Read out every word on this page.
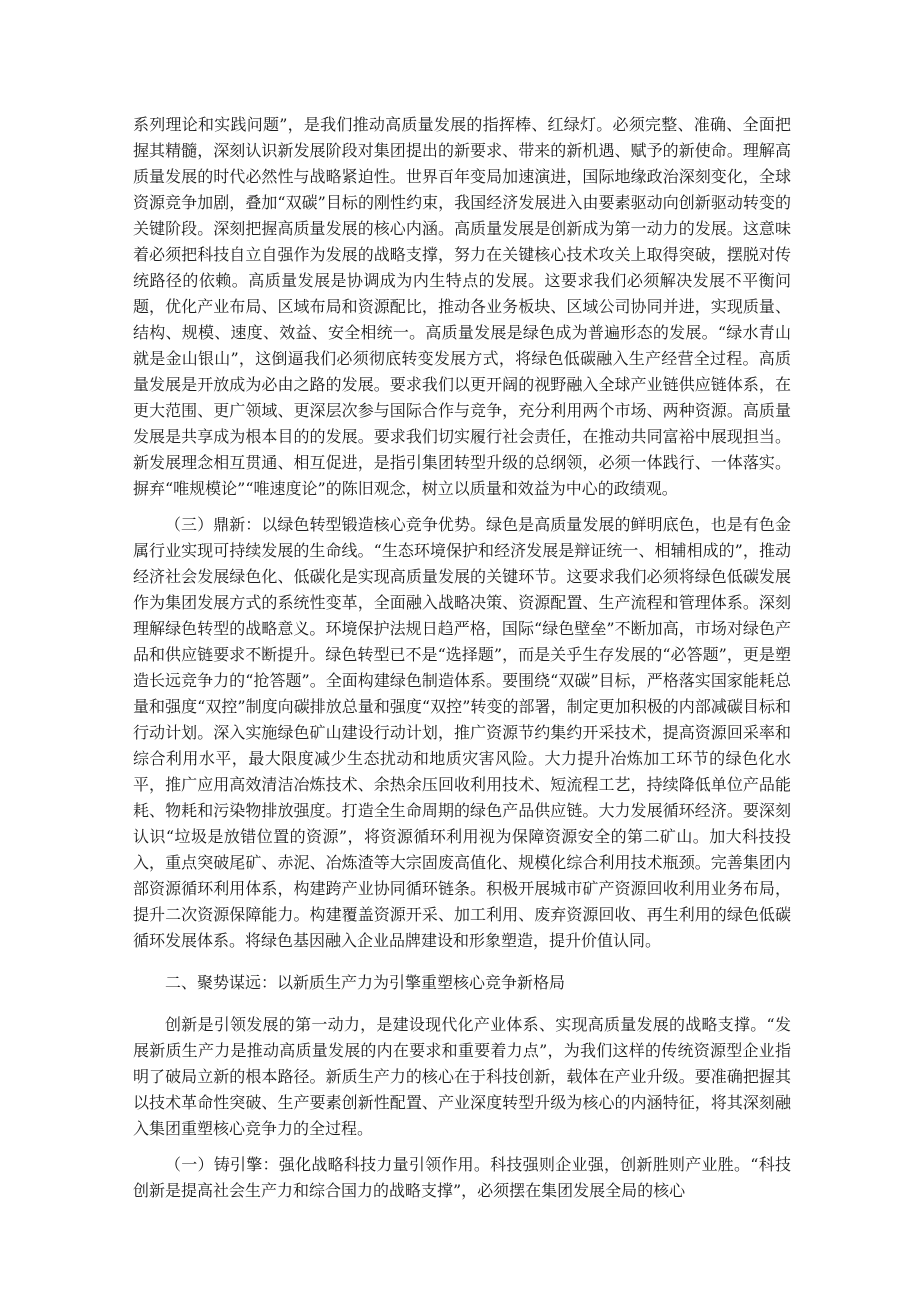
系列理论和实践问题”，是我们推动高质量发展的指挥棒、红绿灯。必须完整、准确、全面把握其精髓，深刻认识新发展阶段对集团提出的新要求、带来的新机遇、赋予的新使命。理解高质量发展的时代必然性与战略紧迫性。世界百年变局加速演进，国际地缘政治深刻变化，全球资源竞争加剧，叠加“双碳”目标的刚性约束，我国经济发展进入由要素驱动向创新驱动转变的关键阶段。深刻把握高质量发展的核心内涵。高质量发展是创新成为第一动力的发展。这意味着必须把科技自立自强作为发展的战略支撑，努力在关键核心技术攻关上取得突破，摆脱对传统路径的依赖。高质量发展是协调成为内生特点的发展。这要求我们必须解决发展不平衡问题，优化产业布局、区域布局和资源配比，推动各业务板块、区域公司协同并进，实现质量、结构、规模、速度、效益、安全相统一。高质量发展是绿色成为普遍形态的发展。“绿水青山就是金山银山”，这倒逼我们必须彻底转变发展方式，将绿色低碳融入生产经营全过程。高质量发展是开放成为必由之路的发展。要求我们以更开阔的视野融入全球产业链供应链体系，在更大范围、更广领域、更深层次参与国际合作与竞争，充分利用两个市场、两种资源。高质量发展是共享成为根本目的的发展。要求我们切实履行社会责任，在推动共同富裕中展现担当。新发展理念相互贯通、相互促进，是指引集团转型升级的总纲领，必须一体践行、一体落实。摒弃“唯规模论”“唯速度论”的陈旧观念，树立以质量和效益为中心的政绩观。

（三）鼎新：以绿色转型锻造核心竞争优势。绿色是高质量发展的鲜明底色，也是有色金属行业实现可持续发展的生命线。“生态环境保护和经济发展是辩证统一、相辅相成的”，推动经济社会发展绿色化、低碳化是实现高质量发展的关键环节。这要求我们必须将绿色低碳发展作为集团发展方式的系统性变革，全面融入战略决策、资源配置、生产流程和管理体系。深刻理解绿色转型的战略意义。环境保护法规日趋严格，国际“绿色壁垒”不断加高，市场对绿色产品和供应链要求不断提升。绿色转型已不是“选择题”，而是关乎生存发展的“必答题”，更是塑造长远竞争力的“抢答题”。全面构建绿色制造体系。要围绕“双碳”目标，严格落实国家能耗总量和强度“双控”制度向碳排放总量和强度“双控”转变的部署，制定更加积极的内部减碳目标和行动计划。深入实施绿色矿山建设行动计划，推广资源节约集约开采技术，提高资源回采率和综合利用水平，最大限度减少生态扰动和地质灾害风险。大力提升冶炼加工环节的绿色化水平，推广应用高效清洁冶炼技术、余热余压回收利用技术、短流程工艺，持续降低单位产品能耗、物耗和污染物排放强度。打造全生命周期的绿色产品供应链。大力发展循环经济。要深刻认识“垃圾是放错位置的资源”，将资源循环利用视为保障资源安全的第二矿山。加大科技投入，重点突破尾矿、赤泥、冶炼渣等大宗固废高值化、规模化综合利用技术瓶颈。完善集团内部资源循环利用体系，构建跨产业协同循环链条。积极开展城市矿产资源回收利用业务布局，提升二次资源保障能力。构建覆盖资源开采、加工利用、废弃资源回收、再生利用的绿色低碳循环发展体系。将绿色基因融入企业品牌建设和形象塑造，提升价值认同。

二、聚势谋远：以新质生产力为引擎重塑核心竞争新格局

创新是引领发展的第一动力，是建设现代化产业体系、实现高质量发展的战略支撑。“发展新质生产力是推动高质量发展的内在要求和重要着力点”，为我们这样的传统资源型企业指明了破局立新的根本路径。新质生产力的核心在于科技创新，载体在产业升级。要准确把握其以技术革命性突破、生产要素创新性配置、产业深度转型升级为核心的内涵特征，将其深刻融入集团重塑核心竞争力的全过程。

（一）铸引擎：强化战略科技力量引领作用。科技强则企业强，创新胜则产业胜。“科技创新是提高社会生产力和综合国力的战略支撑”，必须摆在集团发展全局的核心
